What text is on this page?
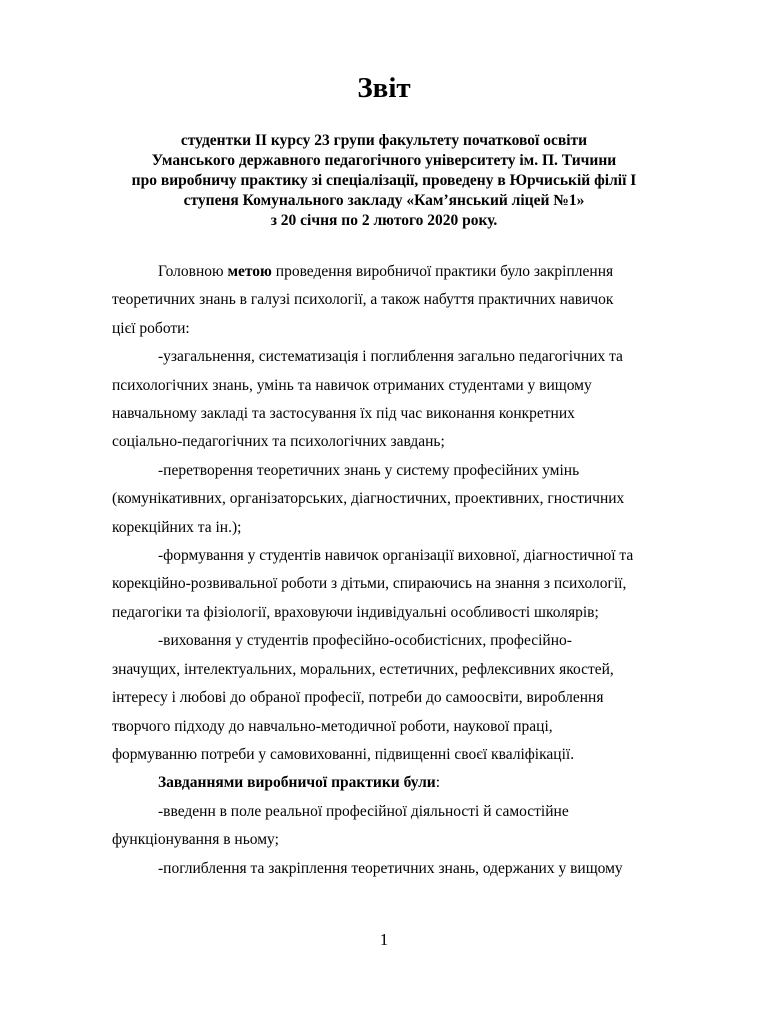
Звіт
студентки ІІ курсу 23 групи факультету початкової освіти
Уманського державного педагогічного університету ім. П. Тичини
про виробничу практику зі спеціалізації, проведену в Юрчиській філії І
ступеня Комунального закладу «Кам’янський ліцей №1»
з 20 січня по 2 лютого 2020 року.
Головною метою проведення виробничої практики було закріплення
теоретичних знань в галузі психології, а також набуття практичних навичок
цієї роботи:
-узагальнення, систематизація і поглиблення загально педагогічних та
психологічних знань, умінь та навичок отриманих студентами у вищому
навчальному закладі та застосування їх під час виконання конкретних
соціально-педагогічних та психологічних завдань;
-перетворення теоретичних знань у систему професійних умінь
(комунікативних, організаторських, діагностичних, проективних, гностичних
корекційних та ін.);
-формування у студентів навичок організації виховної, діагностичної та
корекційно-розвивальної роботи з дітьми, спираючись на знання з психології,
педагогіки та фізіології, враховуючи індивідуальні особливості школярів;
-виховання у студентів професійно-особистісних, професійно-
значущих, інтелектуальних, моральних, естетичних, рефлексивних якостей,
інтересу і любові до обраної професії, потреби до самоосвіти, вироблення
творчого підходу до навчально-методичної роботи, наукової праці,
формуванню потреби у самовихованні, підвищенні своєї кваліфікації.
Завданнями виробничої практики були:
-введенн в поле реальної професійної діяльності й самостійне
функціонування в ньому;
-поглиблення та закріплення теоретичних знань, одержаних у вищому
1
